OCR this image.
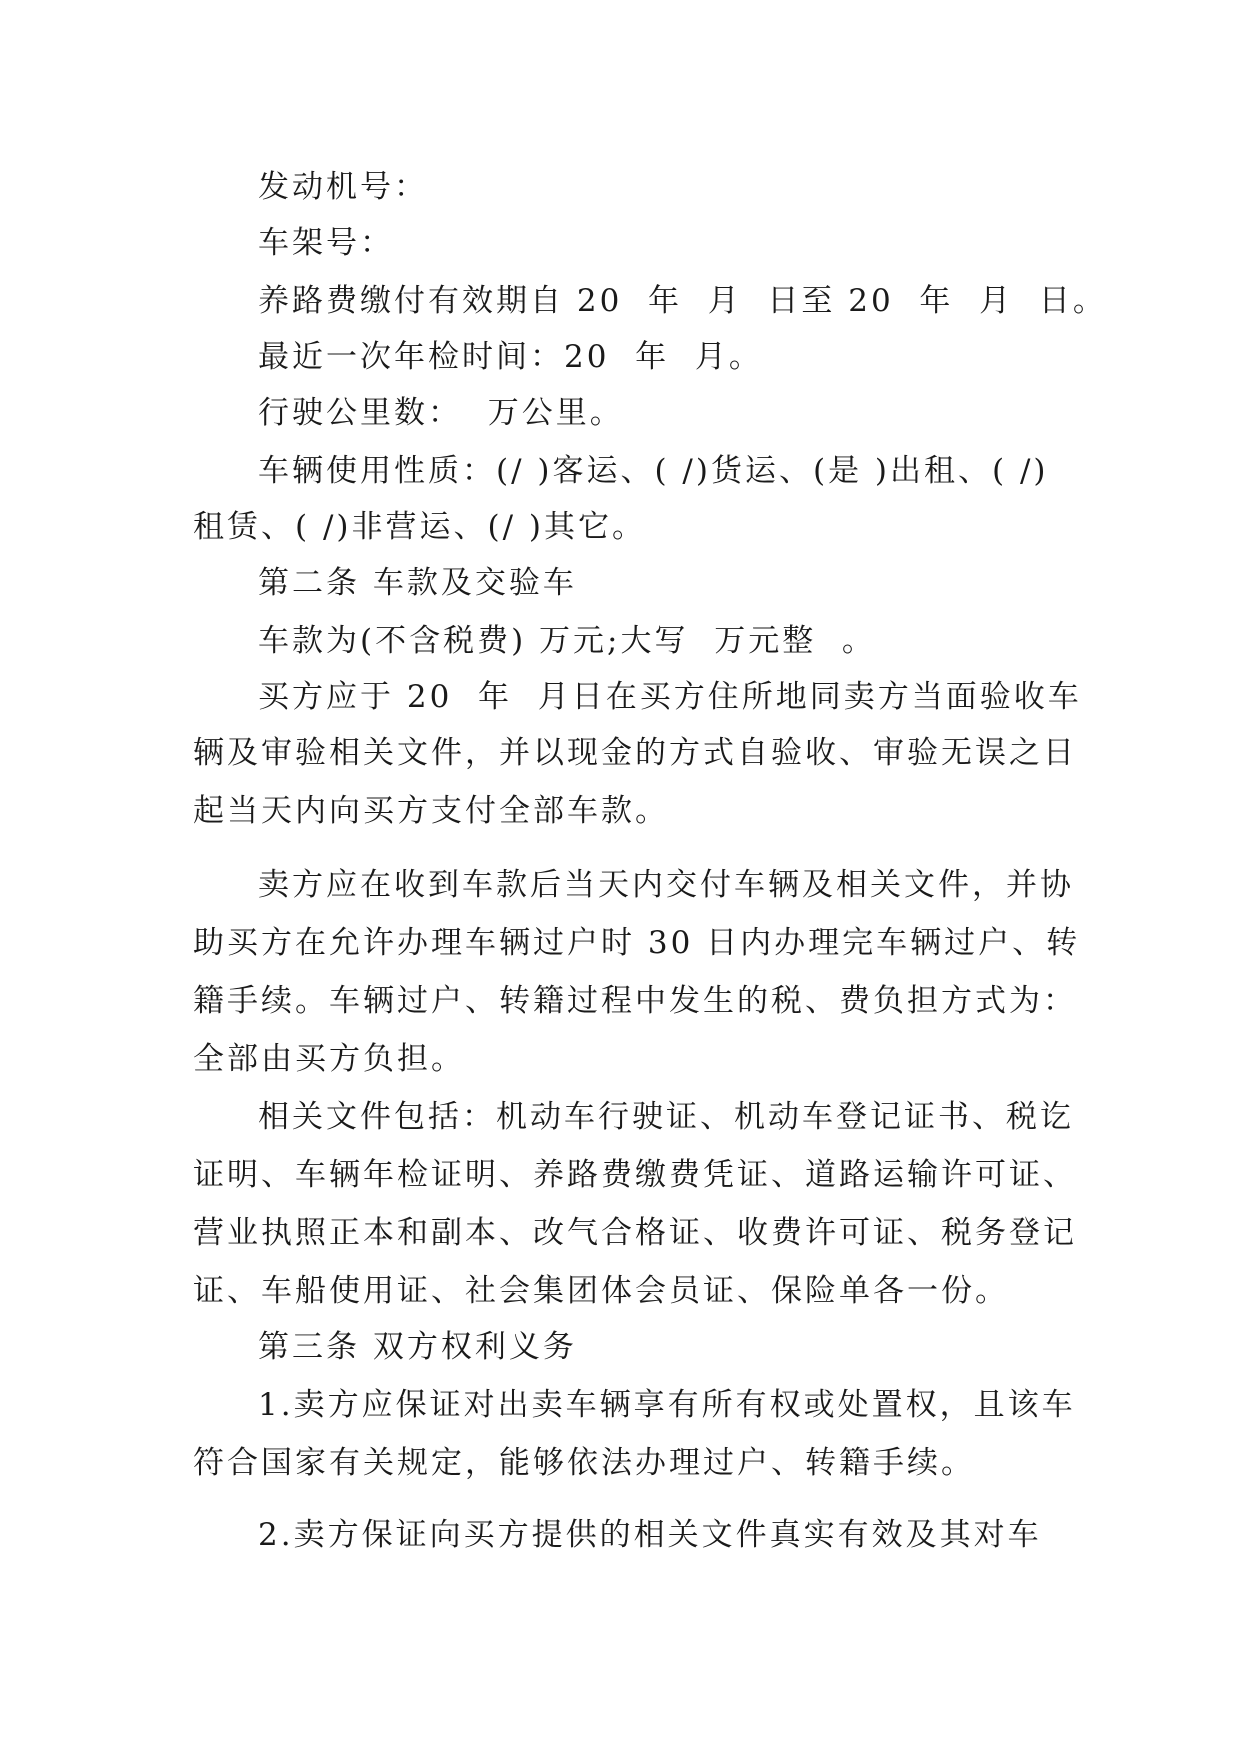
发动机号：
车架号：
养路费缴付有效期自 20  年  月  日至 20  年  月  日。
最近一次年检时间：20  年  月。
行驶公里数：  万公里。
车辆使用性质：(/ )客运、( /)货运、(是 )出租、( /)
租赁、( /)非营运、(/ )其它。
第二条 车款及交验车
车款为(不含税费) 万元;大写  万元整  。
买方应于 20  年  月日在买方住所地同卖方当面验收车
辆及审验相关文件，并以现金的方式自验收、审验无误之日
起当天内向买方支付全部车款。
卖方应在收到车款后当天内交付车辆及相关文件，并协
助买方在允许办理车辆过户时 30 日内办理完车辆过户、转
籍手续。车辆过户、转籍过程中发生的税、费负担方式为：
全部由买方负担。
相关文件包括：机动车行驶证、机动车登记证书、税讫
证明、车辆年检证明、养路费缴费凭证、道路运输许可证、
营业执照正本和副本、改气合格证、收费许可证、税务登记
证、车船使用证、社会集团体会员证、保险单各一份。
第三条 双方权利义务
1.卖方应保证对出卖车辆享有所有权或处置权，且该车
符合国家有关规定，能够依法办理过户、转籍手续。
2.卖方保证向买方提供的相关文件真实有效及其对车
